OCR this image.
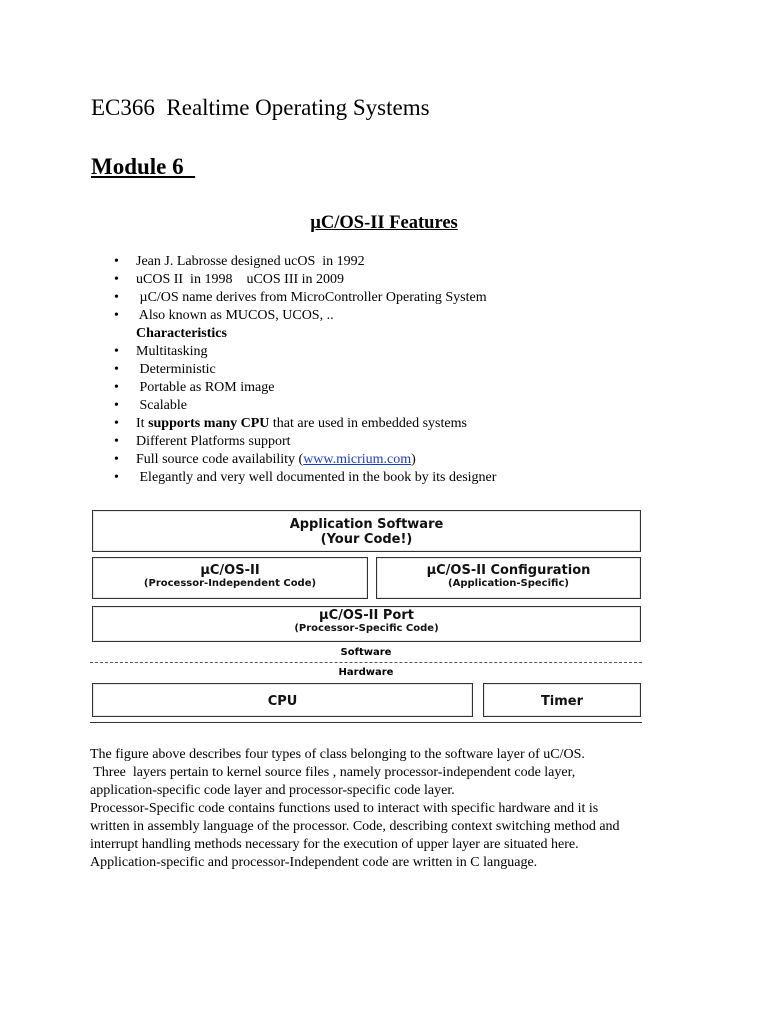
EC366  Realtime Operating Systems
Module 6
µC/OS-II Features

•

	Jean J. Labrosse designed ucOS  in 1992

•

	uCOS II  in 1998    uCOS III in 2009

•

	µC/OS name derives from MicroController Operating System

•

	Also known as MUCOS, UCOS, ..

Characteristics

•

	Multitasking

•

	Deterministic

•

	Portable as ROM image

•

	Scalable

•

	It supports many CPU that are used in embedded systems

•

	Different Platforms support

•

	Full source code availability (www.micrium.com)

•

	Elegantly and very well documented in the book by its designer

Application Software
(Your Code!)
µC/OS-II
(Processor-Independent Code)
µC/OS-II Configuration
(Application-Specific)
µC/OS-II Port
(Processor-Specific Code)
Software
Hardware
CPU	Timer
The figure above describes four types of class belonging to the software layer of uC/OS.
Three  layers pertain to kernel source files , namely processor-independent code layer,
application-specific code layer and processor-specific code layer.
Processor-Specific code contains functions used to interact with specific hardware and it is
written in assembly language of the processor. Code, describing context switching method and
interrupt handling methods necessary for the execution of upper layer are situated here.
Application-specific and processor-Independent code are written in C language.
